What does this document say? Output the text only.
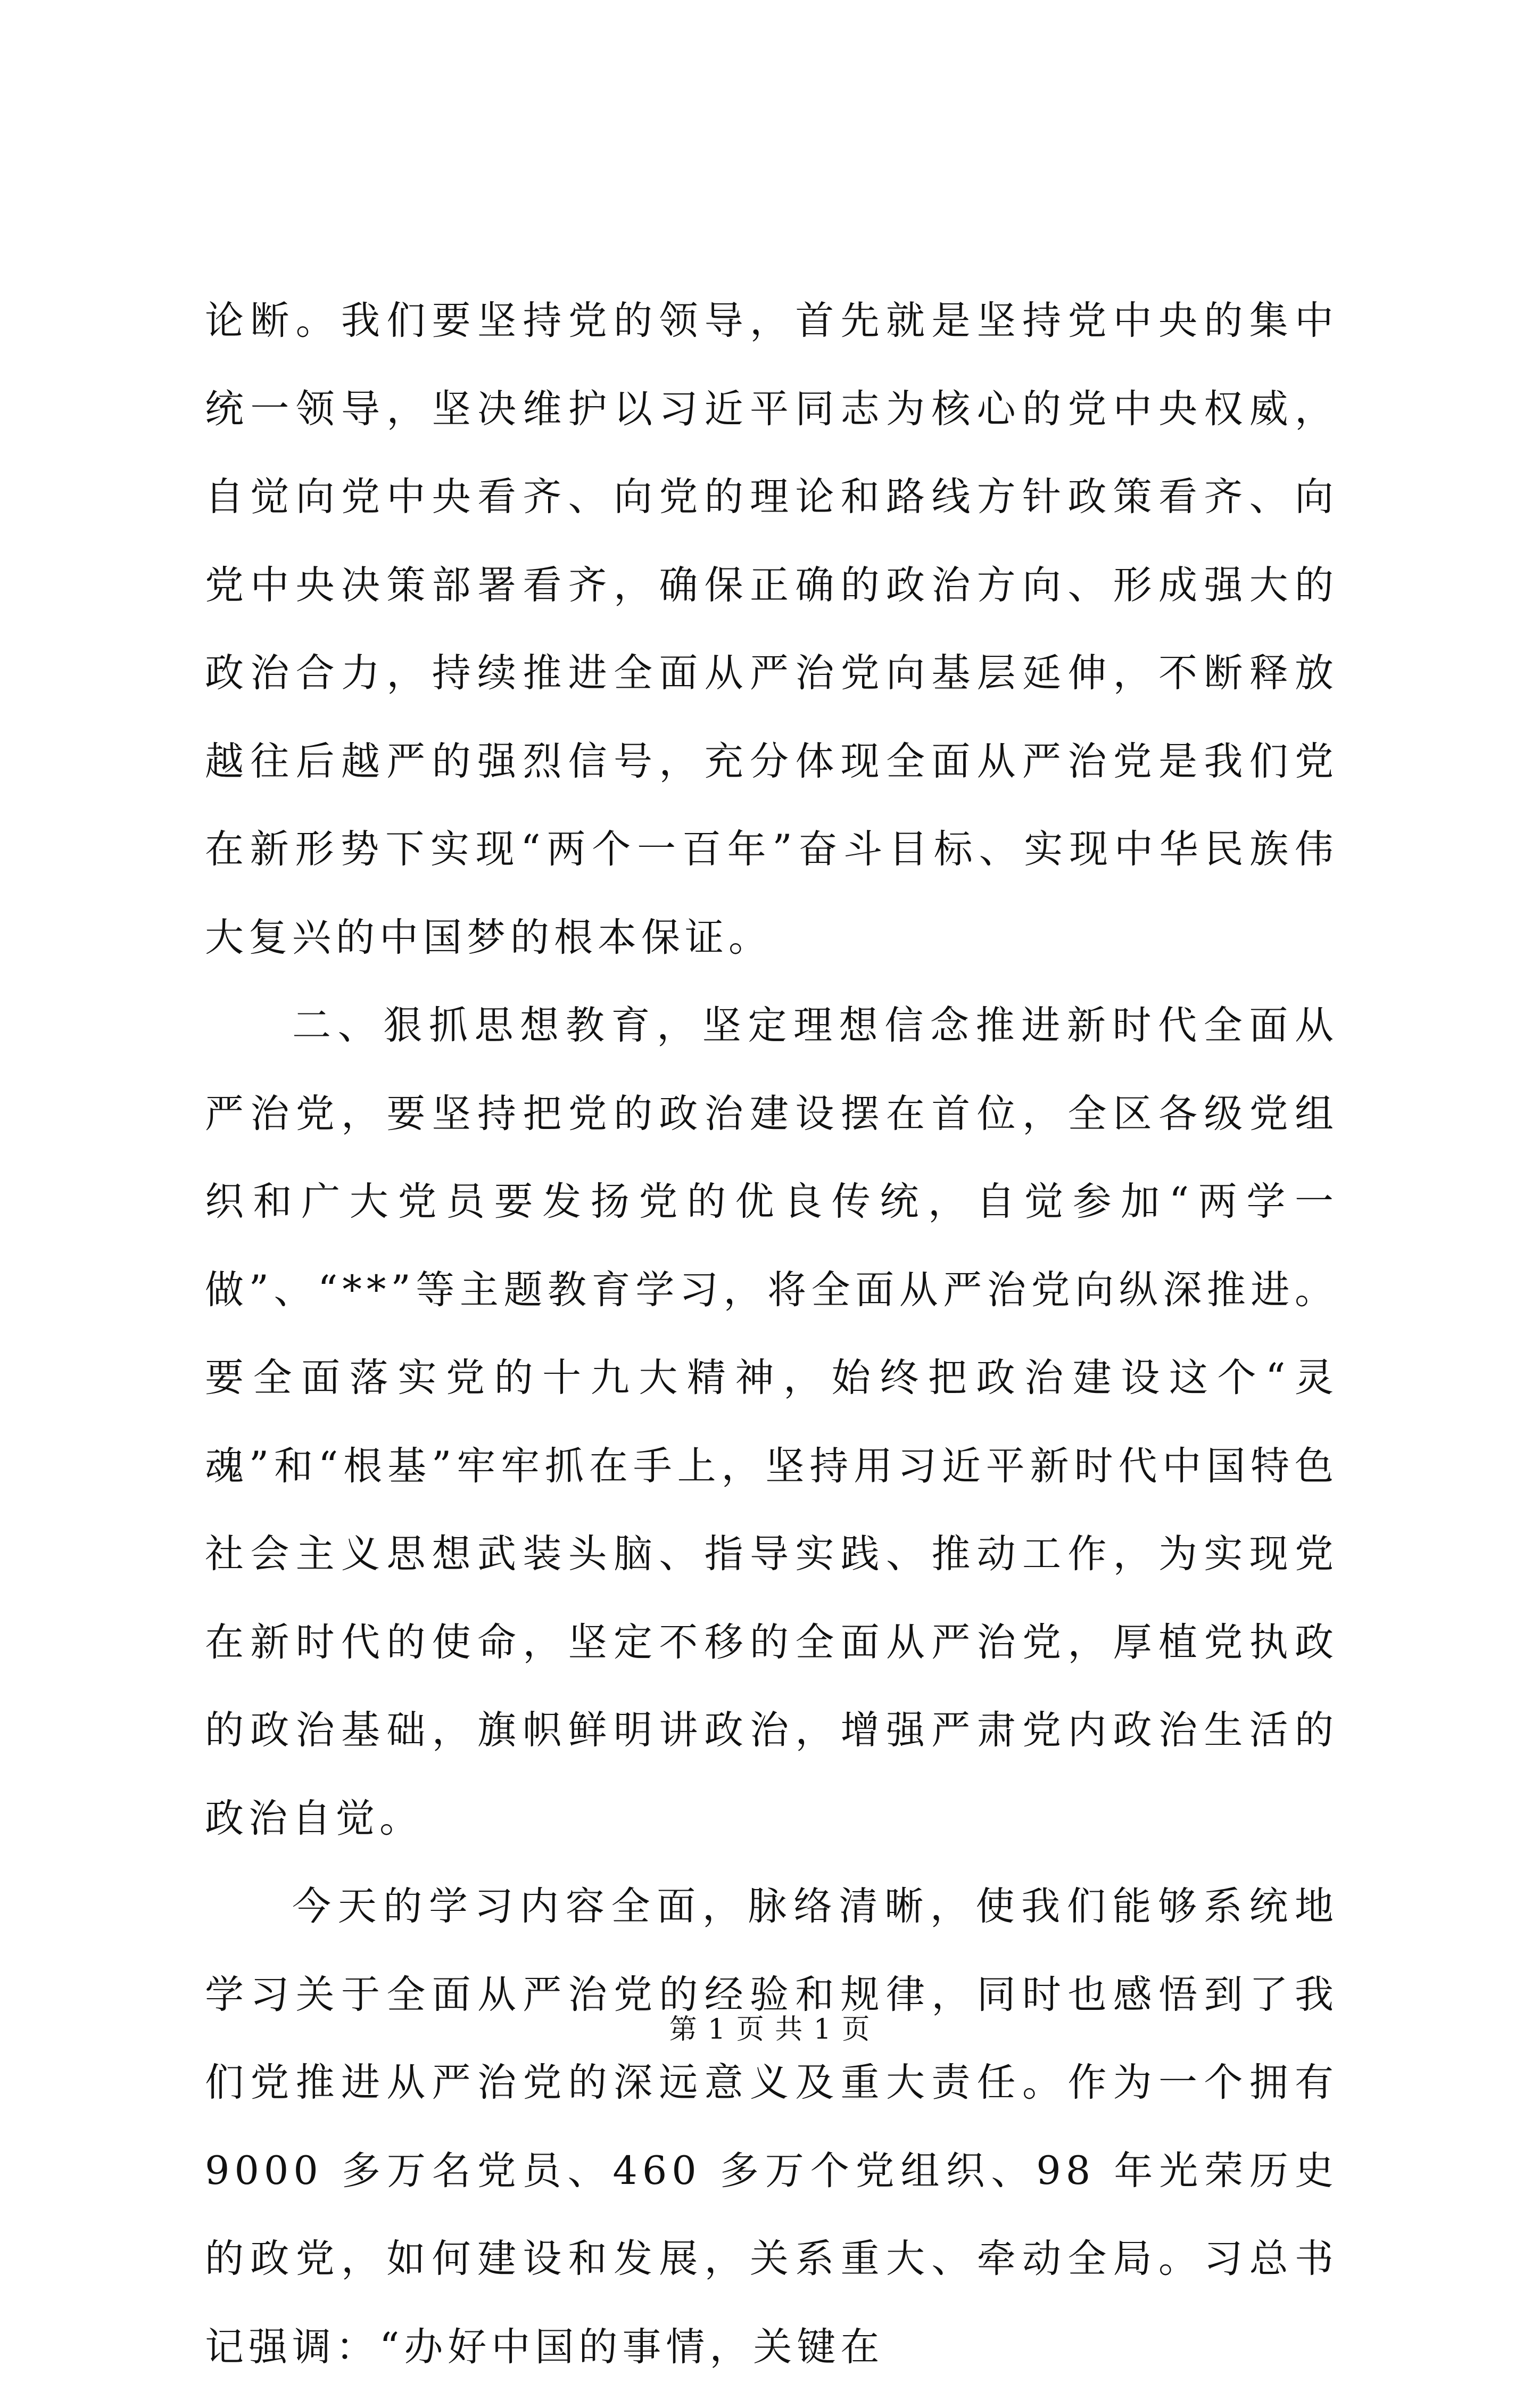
论断。我们要坚持党的领导，首先就是坚持党中央的集中统一领导，坚决维护以习近平同志为核心的党中央权威，自觉向党中央看齐、向党的理论和路线方针政策看齐、向党中央决策部署看齐，确保正确的政治方向、形成强大的政治合力，持续推进全面从严治党向基层延伸，不断释放越往后越严的强烈信号，充分体现全面从严治党是我们党在新形势下实现“两个一百年”奋斗目标、实现中华民族伟大复兴的中国梦的根本保证。

二、狠抓思想教育，坚定理想信念推进新时代全面从严治党，要坚持把党的政治建设摆在首位，全区各级党组织和广大党员要发扬党的优良传统，自觉参加“两学一做”、“**”等主题教育学习，将全面从严治党向纵深推进。要全面落实党的十九大精神，始终把政治建设这个“灵魂”和“根基”牢牢抓在手上，坚持用习近平新时代中国特色社会主义思想武装头脑、指导实践、推动工作，为实现党在新时代的使命，坚定不移的全面从严治党，厚植党执政的政治基础，旗帜鲜明讲政治，增强严肃党内政治生活的政治自觉。

今天的学习内容全面，脉络清晰，使我们能够系统地学习关于全面从严治党的经验和规律，同时也感悟到了我们党推进从严治党的深远意义及重大责任。作为一个拥有 9000 多万名党员、460 多万个党组织、98 年光荣历史的政党，如何建设和发展，关系重大、牵动全局。习总书记强调：“办好中国的事情，关键在

第 1 页 共 1 页
